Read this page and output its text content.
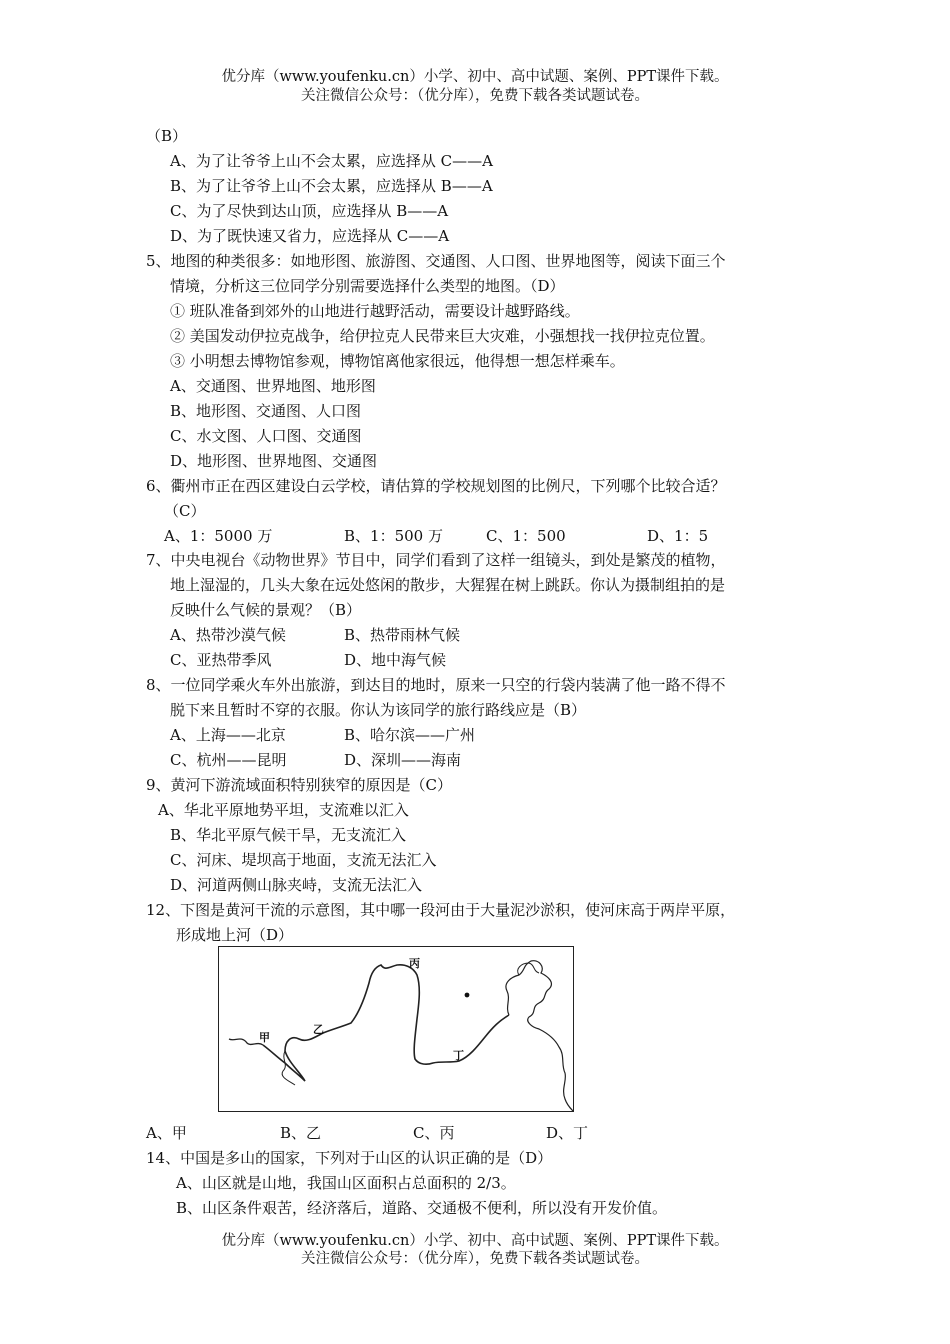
优分库（www.youfenku.cn）小学、初中、高中试题、案例、PPT课件下载。
关注微信公众号：（优分库），免费下载各类试题试卷。
（B）
A、为了让爷爷上山不会太累，应选择从 C——A
B、为了让爷爷上山不会太累，应选择从 B——A
C、为了尽快到达山顶，应选择从 B——A
D、为了既快速又省力，应选择从 C——A
5、地图的种类很多：如地形图、旅游图、交通图、人口图、世界地图等，阅读下面三个
情境，分析这三位同学分别需要选择什么类型的地图。（D）
① 班队准备到郊外的山地进行越野活动，需要设计越野路线。
② 美国发动伊拉克战争，给伊拉克人民带来巨大灾难，小强想找一找伊拉克位置。
③ 小明想去博物馆参观，博物馆离他家很远，他得想一想怎样乘车。
A、交通图、世界地图、地形图
B、地形图、交通图、人口图
C、水文图、人口图、交通图
D、地形图、世界地图、交通图
6、衢州市正在西区建设白云学校，请估算的学校规划图的比例尺，下列哪个比较合适？
（C）
A、1：5000 万	B、1：500 万	C、1：500	D、1：5
7、中央电视台《动物世界》节目中，同学们看到了这样一组镜头，到处是繁茂的植物，
地上湿湿的，几头大象在远处悠闲的散步，大猩猩在树上跳跃。你认为摄制组拍的是
反映什么气候的景观？（B）
A、热带沙漠气候	B、热带雨林气候
C、亚热带季风	D、地中海气候
8、一位同学乘火车外出旅游，到达目的地时，原来一只空的行袋内装满了他一路不得不
脱下来且暂时不穿的衣服。你认为该同学的旅行路线应是（B）
A、上海——北京	B、哈尔滨——广州
C、杭州——昆明	D、深圳——海南
9、黄河下游流域面积特别狭窄的原因是（C）
A、华北平原地势平坦，支流难以汇入
B、华北平原气候干旱，无支流汇入
C、河床、堤坝高于地面，支流无法汇入
D、河道两侧山脉夹峙，支流无法汇入
12、下图是黄河干流的示意图，其中哪一段河由于大量泥沙淤积，使河床高于两岸平原，
形成地上河（D）
甲
乙
丙
丁
A、甲	B、乙	C、丙	D、丁
14、中国是多山的国家，下列对于山区的认识正确的是（D）
A、山区就是山地，我国山区面积占总面积的 2/3。
B、山区条件艰苦，经济落后，道路、交通极不便利，所以没有开发价值。
优分库（www.youfenku.cn）小学、初中、高中试题、案例、PPT课件下载。
关注微信公众号：（优分库），免费下载各类试题试卷。
